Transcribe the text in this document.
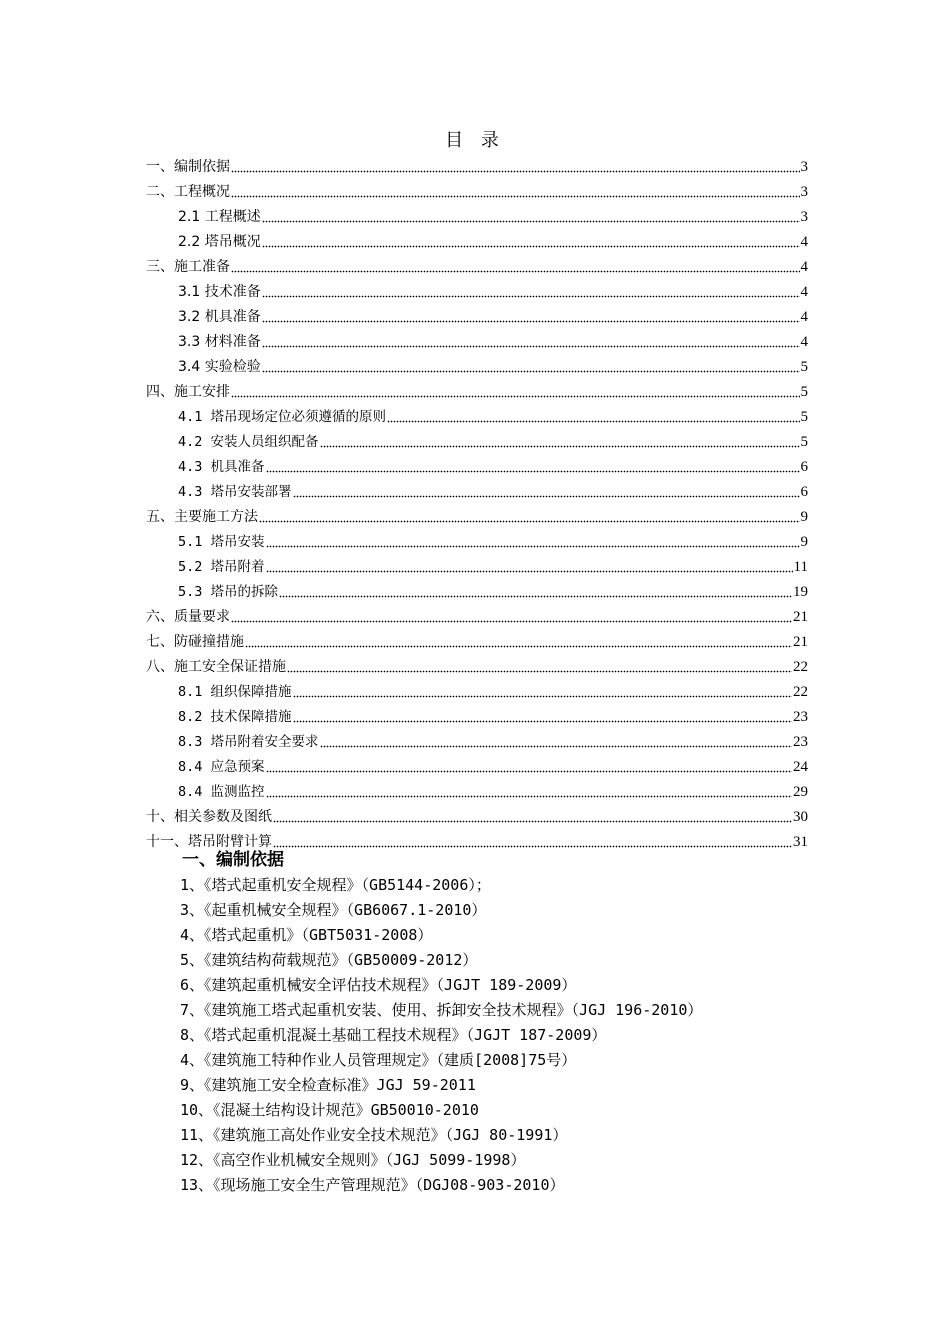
目 录
一、编制依据	3
二、工程概况	3
2.1 工程概述	3
2.2 塔吊概况	4
三、施工准备	4
3.1 技术准备	4
3.2 机具准备	4
3.3 材料准备	4
3.4 实验检验	5
四、施工安排	5
4.1 塔吊现场定位必须遵循的原则	5
4.2 安装人员组织配备	5
4.3 机具准备	6
4.3 塔吊安装部署	6
五、主要施工方法	9
5.1 塔吊安装	9
5.2 塔吊附着	11
5.3 塔吊的拆除	19
六、质量要求	21
七、防碰撞措施	21
八、施工安全保证措施	22
8.1 组织保障措施	22
8.2 技术保障措施	23
8.3 塔吊附着安全要求	23
8.4 应急预案	24
8.4 监测监控	29
十、相关参数及图纸	30
十一、塔吊附臂计算	31
一、编制依据
1、《塔式起重机安全规程》（GB5144-2006）；
3、《起重机械安全规程》（GB6067.1-2010）
4、《塔式起重机》（GBT5031-2008）
5、《建筑结构荷载规范》（GB50009-2012）
6、《建筑起重机械安全评估技术规程》（JGJT 189-2009）
7、《建筑施工塔式起重机安装、使用、拆卸安全技术规程》（JGJ 196-2010）
8、《塔式起重机混凝土基础工程技术规程》（JGJT 187-2009）
4、《建筑施工特种作业人员管理规定》（建质[2008]75号）
9、《建筑施工安全检查标准》JGJ 59-2011
10、《混凝土结构设计规范》GB50010-2010
11、《建筑施工高处作业安全技术规范》（JGJ 80-1991）
12、《高空作业机械安全规则》（JGJ 5099-1998）
13、《现场施工安全生产管理规范》（DGJ08-903-2010）
